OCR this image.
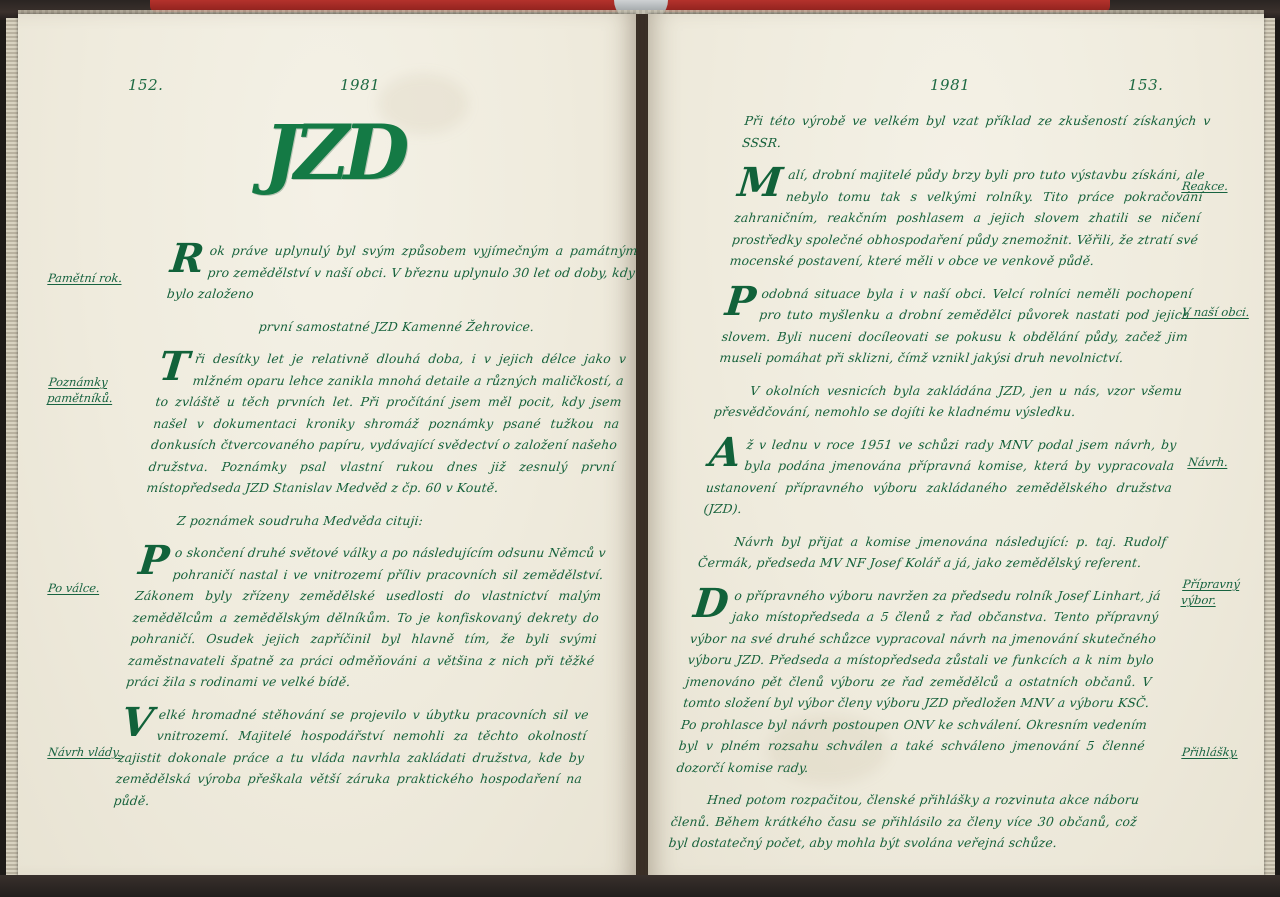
152.	1981
JZD
Pamětní rok.
Poznámky pamětníků.
Po válce.
Návrh vlády.

R ok práve uplynulý byl svým způsobem vyjímečným a památným pro zemědělství v naší obci. V březnu uplynulo 30 let od doby, kdy bylo založeno

první samostatné JZD Kamenné Žehrovice.

T ři desítky let je relativně dlouhá doba, i v jejich délce jako v mlžném oparu lehce zanikla mnohá detaile a různých maličkostí, a to zvláště u těch prvních let. Při pročítání jsem měl pocit, kdy jsem našel v dokumentaci kroniky shromáž poznámky psané tužkou na donkusích čtvercovaného papíru, vydávající svědectví o založení našeho družstva. Poznámky psal vlastní rukou dnes již zesnulý první místopředseda JZD Stanislav Medvěd z čp. 60 v Koutě.

Z poznámek soudruha Medvěda cituji:

P o skončení druhé světové války a po následujícím odsunu Němců v pohraničí nastal i ve vnitrozemí příliv pracovních sil zemědělství. Zákonem byly zřízeny zemědělské usedlosti do vlastnictví malým zemědělcům a zemědělským dělníkům. To je konfiskovaný dekrety do pohraničí. Osudek jejich zapříčinil byl hlavně tím, že byli svými zaměstnavateli špatně za práci odměňováni a většina z nich při těžké práci žila s rodinami ve velké bídě.

V elké hromadné stěhování se projevilo v úbytku pracovních sil ve vnitrozemí. Majitelé hospodářství nemohli za těchto okolností zajistit dokonale práce a tu vláda navrhla zakládati družstva, kde by zemědělská výroba přeškala větší záruka praktického hospodaření na půdě.

1981	153.
Reakce.
V naší obci.
Návrh.
Přípravný výbor.
Přihlášky.

Při této výrobě ve velkém byl vzat příklad ze zkušeností získaných v SSSR.

M alí, drobní majitelé půdy brzy byli pro tuto výstavbu získáni, ale nebylo tomu tak s velkými rolníky. Tito práce pokračování zahraničním, reakčním poshlasem a jejich slovem zhatili se ničení prostředky společné obhospodaření půdy znemožnit. Věřili, že ztratí své mocenské postavení, které měli v obce ve venkově půdě.

P odobná situace byla i v naší obci. Velcí rolníci neměli pochopení pro tuto myšlenku a drobní zemědělci půvorek nastati pod jejich slovem. Byli nuceni docíleovati se pokusu k obdělání půdy, začež jim museli pomáhat při sklizni, čímž vznikl jakýsi druh nevolnictví.

V okolních vesnicích byla zakládána JZD, jen u nás, vzor všemu přesvědčování, nemohlo se dojíti ke kladnému výsledku.

A ž v lednu v roce 1951 ve schůzi rady MNV podal jsem návrh, by byla podána jmenována přípravná komise, která by vypracovala ustanovení přípravného výboru zakládaného zemědělského družstva (JZD).

Návrh byl přijat a komise jmenována následující: p. taj. Rudolf Čermák, předseda MV NF Josef Kolář a já, jako zemědělský referent.

D o přípravného výboru navržen za předsedu rolník Josef Linhart, já jako místopředseda a 5 členů z řad občanstva. Tento přípravný výbor na své druhé schůzce vypracoval návrh na jmenování skutečného výboru JZD. Předseda a místopředseda zůstali ve funkcích a k nim bylo jmenováno pět členů výboru ze řad zemědělců a ostatních občanů. V tomto složení byl výbor členy výboru JZD předložen MNV a výboru KSČ. Po prohlasce byl návrh postoupen ONV ke schválení. Okresním vedením byl v plném rozsahu schválen a také schváleno jmenování 5 členné dozorčí komise rady.

Hned potom rozpačitou, členské přihlášky a rozvinuta akce náboru členů. Během krátkého času se přihlásilo za členy více 30 občanů, což byl dostatečný počet, aby mohla být svolána veřejná schůze.
